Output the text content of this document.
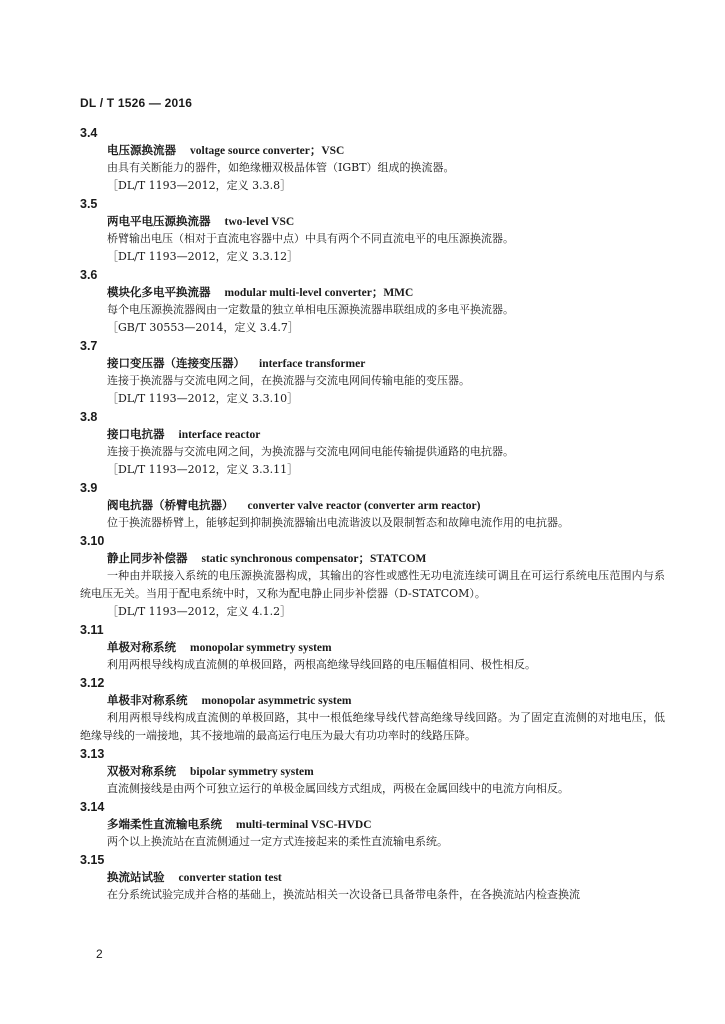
DL / T 1526 — 2016
3.4
电压源换流器 voltage source converter；VSC
由具有关断能力的器件，如绝缘栅双极晶体管（IGBT）组成的换流器。
［DL/T 1193—2012，定义 3.3.8］
3.5
两电平电压源换流器 two-level VSC
桥臂输出电压（相对于直流电容器中点）中具有两个不同直流电平的电压源换流器。
［DL/T 1193—2012，定义 3.3.12］
3.6
模块化多电平换流器 modular multi-level converter；MMC
每个电压源换流器阀由一定数量的独立单相电压源换流器串联组成的多电平换流器。
［GB/T 30553—2014，定义 3.4.7］
3.7
接口变压器（连接变压器） interface transformer
连接于换流器与交流电网之间，在换流器与交流电网间传输电能的变压器。
［DL/T 1193—2012，定义 3.3.10］
3.8
接口电抗器 interface reactor
连接于换流器与交流电网之间，为换流器与交流电网间电能传输提供通路的电抗器。
［DL/T 1193—2012，定义 3.3.11］
3.9
阀电抗器（桥臂电抗器） converter valve reactor (converter arm reactor)
位于换流器桥臂上，能够起到抑制换流器输出电流谐波以及限制暂态和故障电流作用的电抗器。
3.10
静止同步补偿器 static synchronous compensator；STATCOM
一种由并联接入系统的电压源换流器构成，其输出的容性或感性无功电流连续可调且在可运行系统电压范围内与系统电压无关。当用于配电系统中时，又称为配电静止同步补偿器（D-STATCOM）。
［DL/T 1193—2012，定义 4.1.2］
3.11
单极对称系统 monopolar symmetry system
利用两根导线构成直流侧的单极回路，两根高绝缘导线回路的电压幅值相同、极性相反。
3.12
单极非对称系统 monopolar asymmetric system
利用两根导线构成直流侧的单极回路，其中一根低绝缘导线代替高绝缘导线回路。为了固定直流侧的对地电压，低绝缘导线的一端接地，其不接地端的最高运行电压为最大有功功率时的线路压降。
3.13
双极对称系统 bipolar symmetry system
直流侧接线是由两个可独立运行的单极金属回线方式组成，两极在金属回线中的电流方向相反。
3.14
多端柔性直流输电系统 multi-terminal VSC-HVDC
两个以上换流站在直流侧通过一定方式连接起来的柔性直流输电系统。
3.15
换流站试验 converter station test
在分系统试验完成并合格的基础上，换流站相关一次设备已具备带电条件，在各换流站内检查换流
2
